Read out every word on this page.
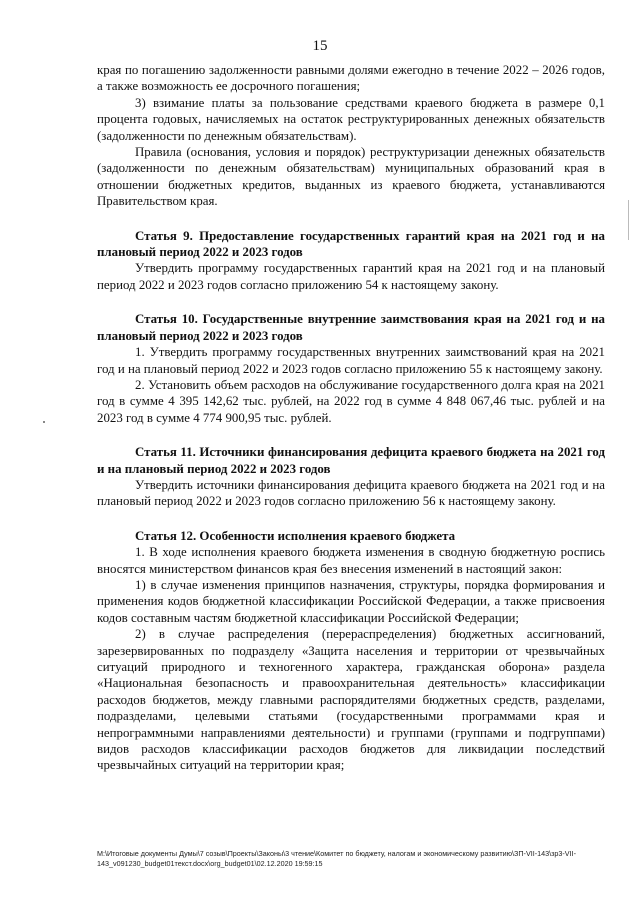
15

края по погашению задолженности равными долями ежегодно в течение 2022 – 2026 годов, а также возможность ее досрочного погашения;

3) взимание платы за пользование средствами краевого бюджета в размере 0,1 процента годовых, начисляемых на остаток реструктурированных денежных обязательств (задолженности по денежным обязательствам).

Правила (основания, условия и порядок) реструктуризации денежных обязательств (задолженности по денежным обязательствам) муниципальных образований края в отношении бюджетных кредитов, выданных из краевого бюджета, устанавливаются Правительством края.

Статья 9. Предоставление государственных гарантий края на 2021 год и на плановый период 2022 и 2023 годов

Утвердить программу государственных гарантий края на 2021 год и на плановый период 2022 и 2023 годов согласно приложению 54 к настоящему закону.

Статья 10. Государственные внутренние заимствования края на 2021 год и на плановый период 2022 и 2023 годов

1. Утвердить программу государственных внутренних заимствований края на 2021 год и на плановый период 2022 и 2023 годов согласно приложению 55 к настоящему закону.

2. Установить объем расходов на обслуживание государственного долга края на 2021 год в сумме 4 395 142,62 тыс. рублей, на 2022 год в сумме 4 848 067,46 тыс. рублей и на 2023 год в сумме 4 774 900,95 тыс. рублей.

Статья 11. Источники финансирования дефицита краевого бюджета на 2021 год и на плановый период 2022 и 2023 годов

Утвердить источники финансирования дефицита краевого бюджета на 2021 год и на плановый период 2022 и 2023 годов согласно приложению 56 к настоящему закону.

Статья 12. Особенности исполнения краевого бюджета

1. В ходе исполнения краевого бюджета изменения в сводную бюджетную роспись вносятся министерством финансов края без внесения изменений в настоящий закон:

1) в случае изменения принципов назначения, структуры, порядка формирования и применения кодов бюджетной классификации Российской Федерации, а также присвоения кодов составным частям бюджетной классификации Российской Федерации;

2) в случае распределения (перераспределения) бюджетных ассигнований, зарезервированных по подразделу «Защита населения и территории от чрезвычайных ситуаций природного и техногенного характера, гражданская оборона» раздела «Национальная безопасность и правоохранительная деятельность» классификации расходов бюджетов, между главными распорядителями бюджетных средств, разделами, подразделами, целевыми статьями (государственными программами края и непрограммными направлениями деятельности) и группами (группами и подгруппами) видов расходов классификации расходов бюджетов для ликвидации последствий чрезвычайных ситуаций на территории края;

M:\Итоговые документы Думы\7 созыв\Проекты\Законы\3 чтение\Комитет по бюджету, налогам и экономическому развитию\ЗП-VII-143\зр3-VII-143_v091230_budget01текст.docx\org_budget01\02.12.2020 19:59:15
